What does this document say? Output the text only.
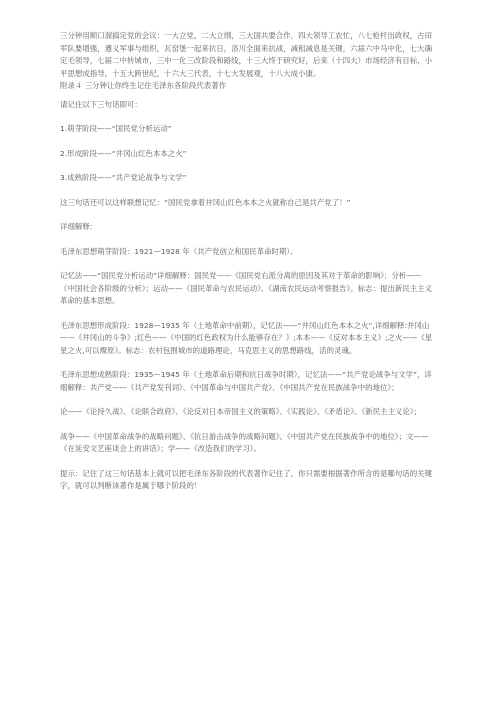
三分钟用顺口溜搞定党的会议：一大立党，二大立纲，三大国共要合作，四大领导工农忙，八七枪杆出政权，古田军队要增强，遵义军事与组织，瓦窑堡一起来抗日，洛川全面来抗战，减租减息是关键，六届六中马中化，七大确定毛领导，七届二中转城市，三中一化三改阶段和路线，十三大终于研究好，后来（十四大）市场经济有目标，小平思想成指导，十五大跨世纪，十六大三代表，十七大发展观，十八大成小康。

附录４ 三分钟让你终生记住毛泽东各阶段代表著作

请记住以下三句话即可：

1.萌芽阶段——“国民党分析运动”

2.形成阶段——“井冈山红色本本之火”

3.成熟阶段——“共产党论战争与文学”

这三句话还可以这样联想记忆：“国民党拿着井冈山红色本本之火就称自己是共产党了！”

详细解释:

毛泽东思想萌芽阶段：1921—1928 年（共产党创立和国民革命时期）。

记忆法——“国民党分析运动”详细解释：国民党——《国民党右派分离的原因及其对于革命的影响》；分析——《中国社会各阶级的分析》；运动——《国民革命与农民运动》、《湖南农民运动考察报告》。标志：提出新民主主义革命的基本思想。

毛泽东思想形成阶段：1928—1935 年（土地革命中前期），记忆法——“井冈山红色本本之火”,详细解释:井冈山——《井冈山的斗争》;红色——《中国的红色政权为什么能够存在？》;本本——《反对本本主义》;之火——《星星之火,可以燎原》。标志：农村包围城市的道路理论，马克思主义的思想路线，活的灵魂。

毛泽东思想成熟阶段：1935—1945 年（土地革命后期和抗日战争时期），记忆法——“共产党论战争与文学”，详细解释：共产党——《共产党发刊词》、《中国革命与中国共产党》、《中国共产党在民族战争中的地位》；

论——《论持久战》、《论联合政府》、《论反对日本帝国主义的策略》、《实践论》、《矛盾论》、《新民主主义论》；

战争——《中国革命战争的战略问题》、《抗日游击战争的战略问题》、《中国共产党在民族战争中的地位》；文——《在延安文艺座谈会上的讲话》；学——《改造我们的学习》。

提示：记住了这三句话基本上就可以把毛泽东各阶段的代表著作记住了，你只需要根据著作所含的是哪句话的关键字，就可以判断该著作是属于哪个阶段的！
